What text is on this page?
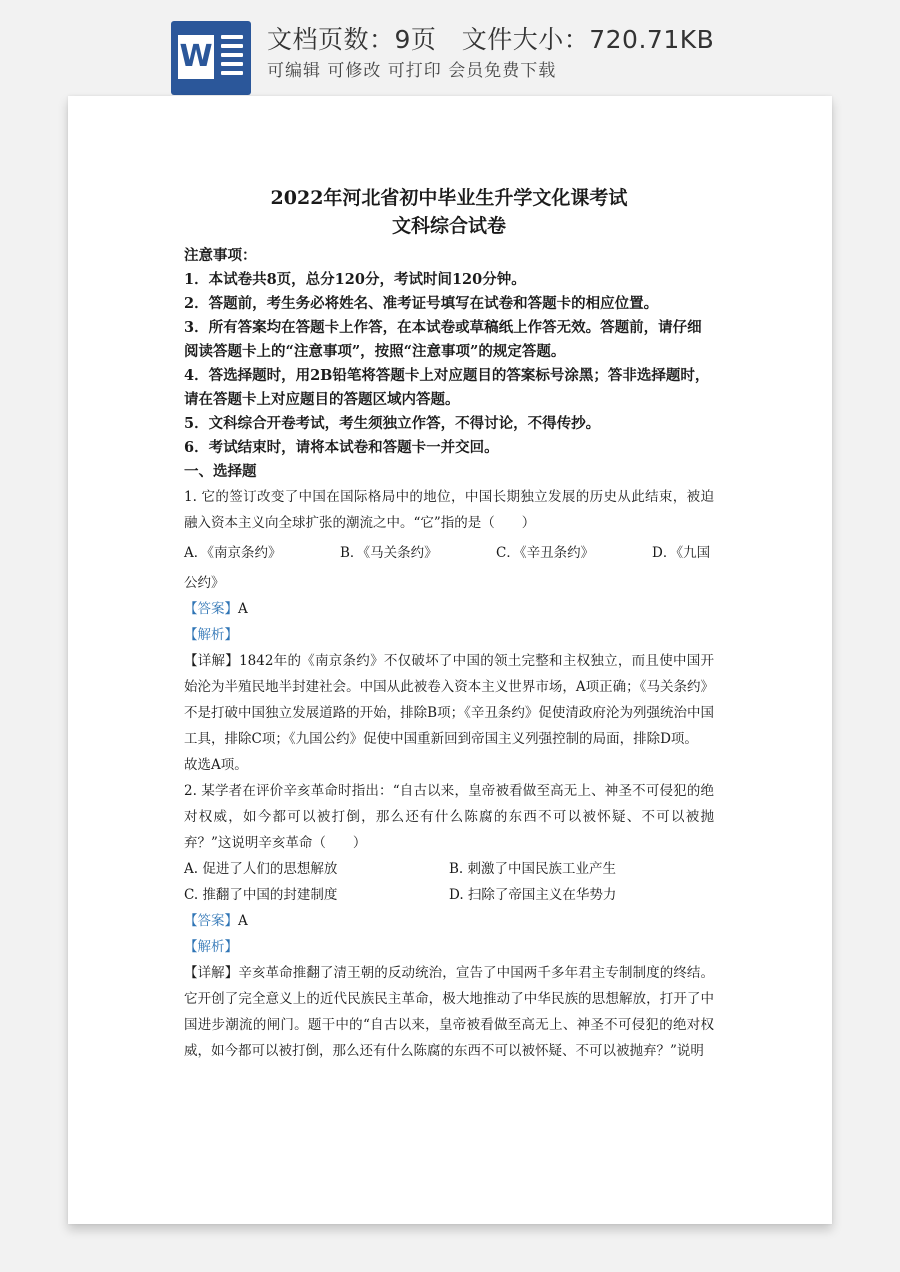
W 文档页数：9页   文件大小：720.71KB
可编辑 可修改 可打印 会员免费下载

2022年河北省初中毕业生升学文化课考试

文科综合试卷

注意事项：

1．本试卷共8页，总分120分，考试时间120分钟。

2．答题前，考生务必将姓名、准考证号填写在试卷和答题卡的相应位置。

3．所有答案均在答题卡上作答，在本试卷或草稿纸上作答无效。答题前，请仔细阅读答题卡上的“注意事项”，按照“注意事项”的规定答题。

4．答选择题时，用2B铅笔将答题卡上对应题目的答案标号涂黑；答非选择题时，请在答题卡上对应题目的答题区域内答题。

5．文科综合开卷考试，考生须独立作答，不得讨论，不得传抄。

6．考试结束时，请将本试卷和答题卡一并交回。

一、选择题

1. 它的签订改变了中国在国际格局中的地位，中国长期独立发展的历史从此结束，被迫融入资本主义向全球扩张的潮流之中。“它”指的是（　　）

A．《南京条约》	B．《马关条约》	C．《辛丑条约》	D．《九国

公约》

【答案】A

【解析】

【详解】1842年的《南京条约》不仅破坏了中国的领土完整和主权独立，而且使中国开始沦为半殖民地半封建社会。中国从此被卷入资本主义世界市场，A项正确；《马关条约》不是打破中国独立发展道路的开始，排除B项；《辛丑条约》促使清政府沦为列强统治中国工具，排除C项；《九国公约》促使中国重新回到帝国主义列强控制的局面，排除D项。

故选A项。

2. 某学者在评价辛亥革命时指出：“自古以来，皇帝被看做至高无上、神圣不可侵犯的绝对权威，如今都可以被打倒，那么还有什么陈腐的东西不可以被怀疑、不可以被抛弃？”这说明辛亥革命（　　）

A. 促进了人们的思想解放	B. 刺激了中国民族工业产生
C. 推翻了中国的封建制度	D. 扫除了帝国主义在华势力

【答案】A

【解析】

【详解】辛亥革命推翻了清王朝的反动统治，宣告了中国两千多年君主专制制度的终结。它开创了完全意义上的近代民族民主革命，极大地推动了中华民族的思想解放，打开了中国进步潮流的闸门。题干中的“自古以来，皇帝被看做至高无上、神圣不可侵犯的绝对权威，如今都可以被打倒，那么还有什么陈腐的东西不可以被怀疑、不可以被抛弃？”说明
